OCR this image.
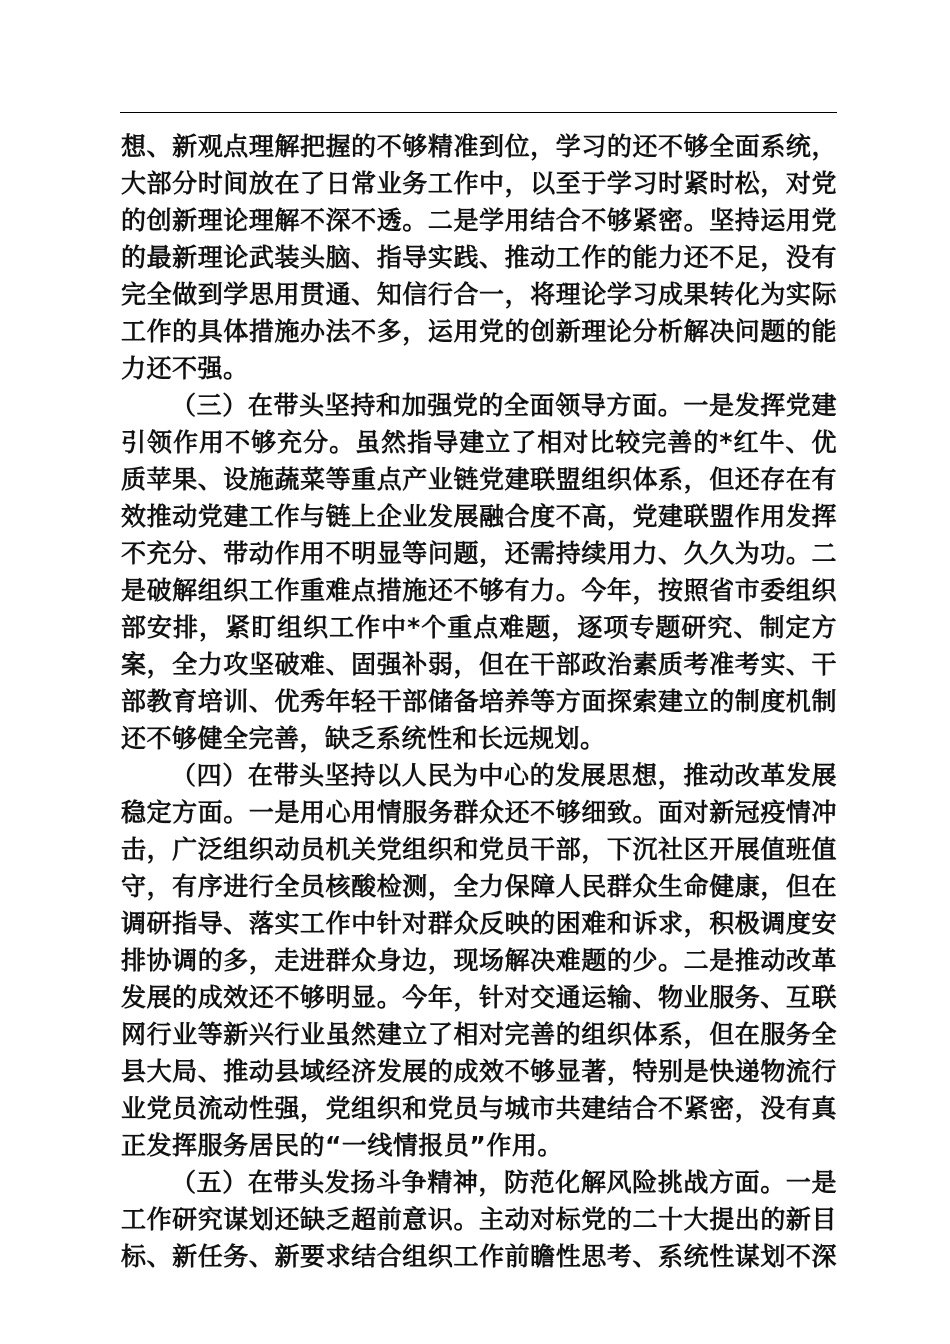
想、新观点理解把握的不够精准到位，学习的还不够全面系统，
大部分时间放在了日常业务工作中，以至于学习时紧时松，对党
的创新理论理解不深不透。二是学用结合不够紧密。坚持运用党
的最新理论武装头脑、指导实践、推动工作的能力还不足，没有
完全做到学思用贯通、知信行合一，将理论学习成果转化为实际
工作的具体措施办法不多，运用党的创新理论分析解决问题的能
力还不强。
（三）在带头坚持和加强党的全面领导方面。一是发挥党建
引领作用不够充分。虽然指导建立了相对比较完善的*红牛、优
质苹果、设施蔬菜等重点产业链党建联盟组织体系，但还存在有
效推动党建工作与链上企业发展融合度不高，党建联盟作用发挥
不充分、带动作用不明显等问题，还需持续用力、久久为功。二
是破解组织工作重难点措施还不够有力。今年，按照省市委组织
部安排，紧盯组织工作中*个重点难题，逐项专题研究、制定方
案，全力攻坚破难、固强补弱，但在干部政治素质考准考实、干
部教育培训、优秀年轻干部储备培养等方面探索建立的制度机制
还不够健全完善，缺乏系统性和长远规划。
（四）在带头坚持以人民为中心的发展思想，推动改革发展
稳定方面。一是用心用情服务群众还不够细致。面对新冠疫情冲
击，广泛组织动员机关党组织和党员干部，下沉社区开展值班值
守，有序进行全员核酸检测，全力保障人民群众生命健康，但在
调研指导、落实工作中针对群众反映的困难和诉求，积极调度安
排协调的多，走进群众身边，现场解决难题的少。二是推动改革
发展的成效还不够明显。今年，针对交通运输、物业服务、互联
网行业等新兴行业虽然建立了相对完善的组织体系，但在服务全
县大局、推动县域经济发展的成效不够显著，特别是快递物流行
业党员流动性强，党组织和党员与城市共建结合不紧密，没有真
正发挥服务居民的“一线情报员”作用。
（五）在带头发扬斗争精神，防范化解风险挑战方面。一是
工作研究谋划还缺乏超前意识。主动对标党的二十大提出的新目
标、新任务、新要求结合组织工作前瞻性思考、系统性谋划不深
